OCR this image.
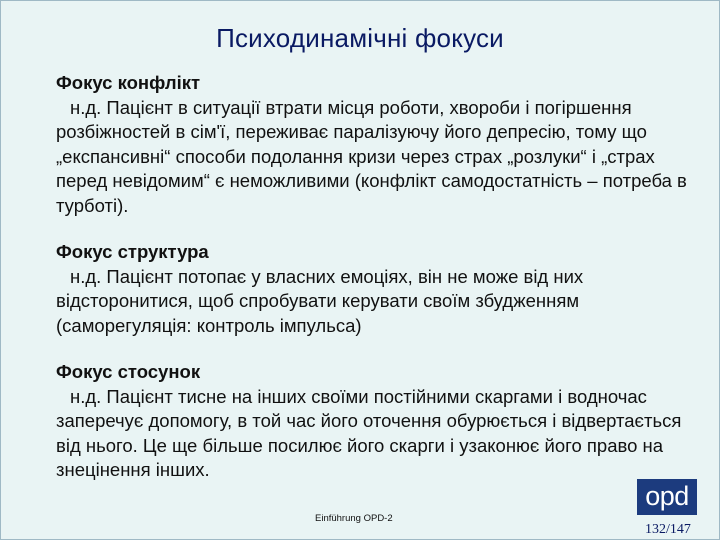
Психодинамічні фокуси
Фокус конфлікт
н.д. Пацієнт в ситуації втрати місця роботи, хвороби і погіршення розбіжностей в сім'ї, переживає паралізуючу його депресію, тому що „експансивні“ способи подолання кризи через страх „розлуки“ і „страх перед невідомим“ є неможливими (конфлікт самодостатність – потреба в турботі).
Фокус структура
н.д. Пацієнт потопає у власних емоціях, він не може від них відсторонитися, щоб спробувати керувати своїм збудженням (саморегуляція: контроль імпульса)
Фокус стосунок
н.д. Пацієнт тисне на інших своїми постійними скаргами і водночас заперечує допомогу, в той час його оточення обурюється і відвертається від нього. Це ще більше посилює його скарги і узаконює його право на знецінення інших.
Einführung OPD-2
opd
132/147
